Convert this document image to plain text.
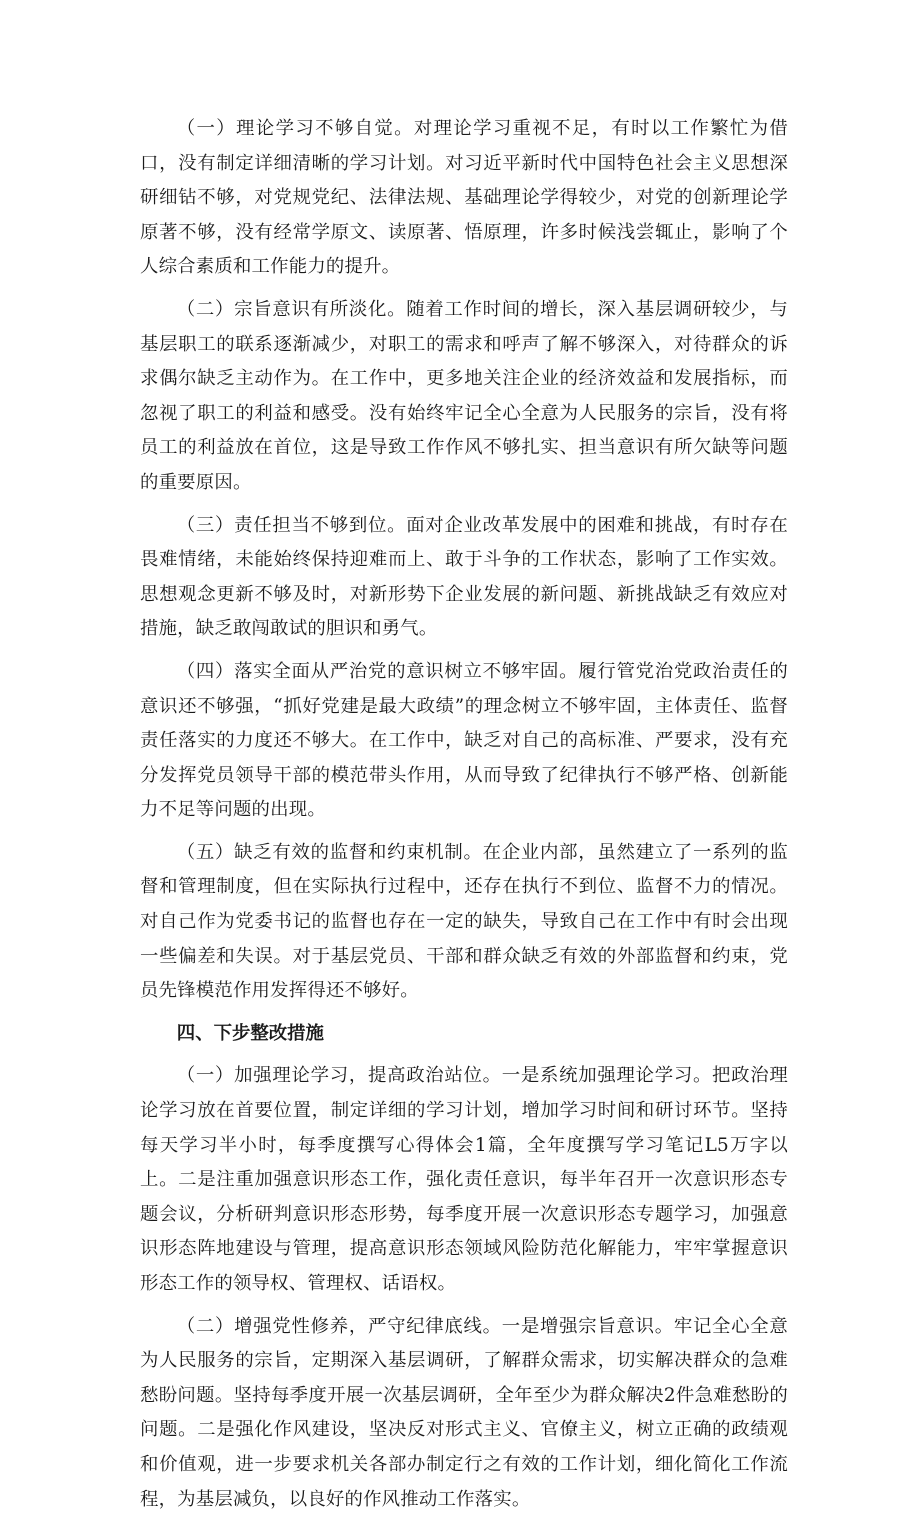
（一）理论学习不够自觉。对理论学习重视不足，有时以工作繁忙为借口，没有制定详细清晰的学习计划。对习近平新时代中国特色社会主义思想深研细钻不够，对党规党纪、法律法规、基础理论学得较少，对党的创新理论学原著不够，没有经常学原文、读原著、悟原理，许多时候浅尝辄止，影响了个人综合素质和工作能力的提升。

（二）宗旨意识有所淡化。随着工作时间的增长，深入基层调研较少，与基层职工的联系逐渐减少，对职工的需求和呼声了解不够深入，对待群众的诉求偶尔缺乏主动作为。在工作中，更多地关注企业的经济效益和发展指标，而忽视了职工的利益和感受。没有始终牢记全心全意为人民服务的宗旨，没有将员工的利益放在首位，这是导致工作作风不够扎实、担当意识有所欠缺等问题的重要原因。

（三）责任担当不够到位。面对企业改革发展中的困难和挑战，有时存在畏难情绪，未能始终保持迎难而上、敢于斗争的工作状态，影响了工作实效。思想观念更新不够及时，对新形势下企业发展的新问题、新挑战缺乏有效应对措施，缺乏敢闯敢试的胆识和勇气。

（四）落实全面从严治党的意识树立不够牢固。履行管党治党政治责任的意识还不够强，“抓好党建是最大政绩”的理念树立不够牢固，主体责任、监督责任落实的力度还不够大。在工作中，缺乏对自己的高标准、严要求，没有充分发挥党员领导干部的模范带头作用，从而导致了纪律执行不够严格、创新能力不足等问题的出现。

（五）缺乏有效的监督和约束机制。在企业内部，虽然建立了一系列的监督和管理制度，但在实际执行过程中，还存在执行不到位、监督不力的情况。对自己作为党委书记的监督也存在一定的缺失，导致自己在工作中有时会出现一些偏差和失误。对于基层党员、干部和群众缺乏有效的外部监督和约束，党员先锋模范作用发挥得还不够好。

四、下步整改措施

（一）加强理论学习，提高政治站位。一是系统加强理论学习。把政治理论学习放在首要位置，制定详细的学习计划，增加学习时间和研讨环节。坚持每天学习半小时，每季度撰写心得体会1篇，全年度撰写学习笔记L5万字以上。二是注重加强意识形态工作，强化责任意识，每半年召开一次意识形态专题会议，分析研判意识形态形势，每季度开展一次意识形态专题学习，加强意识形态阵地建设与管理，提高意识形态领域风险防范化解能力，牢牢掌握意识形态工作的领导权、管理权、话语权。

（二）增强党性修养，严守纪律底线。一是增强宗旨意识。牢记全心全意为人民服务的宗旨，定期深入基层调研，了解群众需求，切实解决群众的急难愁盼问题。坚持每季度开展一次基层调研，全年至少为群众解决2件急难愁盼的问题。二是强化作风建设，坚决反对形式主义、官僚主义，树立正确的政绩观和价值观，进一步要求机关各部办制定行之有效的工作计划，细化简化工作流程，为基层减负，以良好的作风推动工作落实。
